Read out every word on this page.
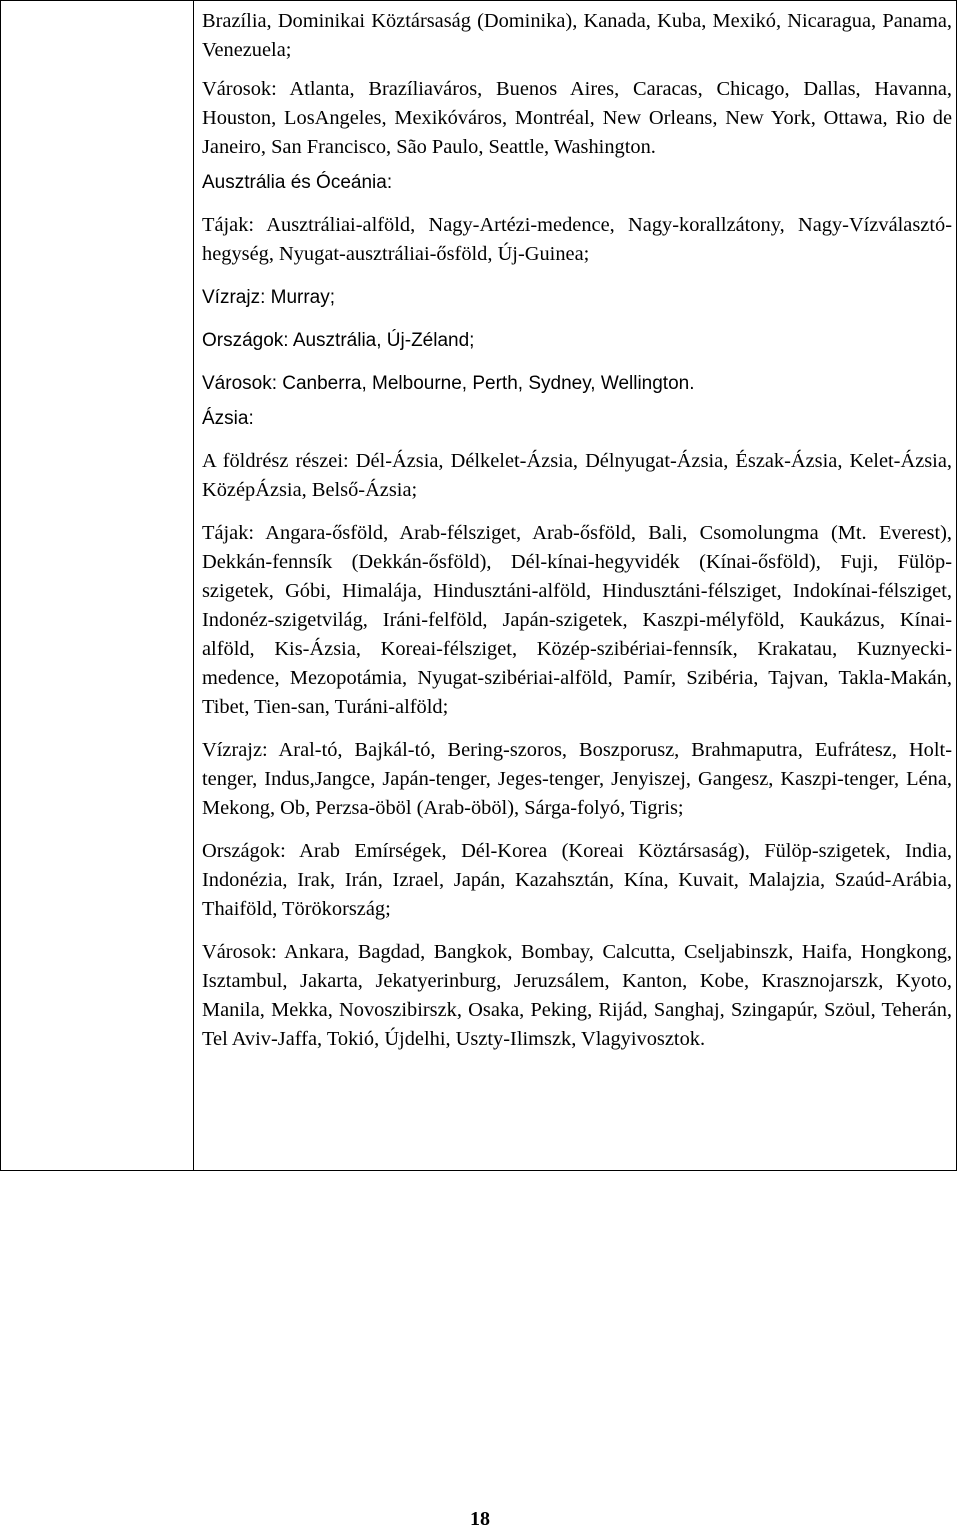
Brazília, Dominikai Köztársaság (Dominika), Kanada, Kuba, Mexikó, Nicaragua, Panama, Venezuela;

Városok: Atlanta, Brazíliaváros, Buenos Aires, Caracas, Chicago, Dallas, Havanna, Houston, LosAngeles, Mexikóváros, Montréal, New Orleans, New York, Ottawa, Rio de Janeiro, San Francisco, São Paulo, Seattle, Washington.

Ausztrália és Óceánia:

Tájak: Ausztráliai-alföld, Nagy-Artézi-medence, Nagy-korallzátony, Nagy-Vízválasztó-hegység, Nyugat-ausztráliai-ősföld, Új-Guinea;

Vízrajz: Murray;

Országok: Ausztrália, Új-Zéland;

Városok: Canberra, Melbourne, Perth, Sydney, Wellington.

Ázsia:

A földrész részei: Dél-Ázsia, Délkelet-Ázsia, Délnyugat-Ázsia, Észak-Ázsia, Kelet-Ázsia, KözépÁzsia, Belső-Ázsia;

Tájak: Angara-ősföld, Arab-félsziget, Arab-ősföld, Bali, Csomolungma (Mt. Everest), Dekkán-fennsík (Dekkán-ősföld), Dél-kínai-hegyvidék (Kínai-ősföld), Fuji, Fülöp-szigetek, Góbi, Himalája, Hindusztáni-alföld, Hindusztáni-félsziget, Indokínai-félsziget, Indonéz-szigetvilág, Iráni-felföld, Japán-szigetek, Kaszpi-mélyföld, Kaukázus, Kínai-alföld, Kis-Ázsia, Koreai-félsziget, Közép-szibériai-fennsík, Krakatau, Kuznyecki-medence, Mezopotámia, Nyugat-szibériai-alföld, Pamír, Szibéria, Tajvan, Takla-Makán, Tibet, Tien-san, Turáni-alföld;

Vízrajz: Aral-tó, Bajkál-tó, Bering-szoros, Boszporusz, Brahmaputra, Eufrátesz, Holt-tenger, Indus,Jangce, Japán-tenger, Jeges-tenger, Jenyiszej, Gangesz, Kaszpi-tenger, Léna, Mekong, Ob, Perzsa-öböl (Arab-öböl), Sárga-folyó, Tigris;

Országok: Arab Emírségek, Dél-Korea (Koreai Köztársaság), Fülöp-szigetek, India, Indonézia, Irak, Irán, Izrael, Japán, Kazahsztán, Kína, Kuvait, Malajzia, Szaúd-Arábia, Thaiföld, Törökország;

Városok: Ankara, Bagdad, Bangkok, Bombay, Calcutta, Cseljabinszk, Haifa, Hongkong, Isztambul, Jakarta, Jekatyerinburg, Jeruzsálem, Kanton, Kobe, Krasznojarszk, Kyoto, Manila, Mekka, Novoszibirszk, Osaka, Peking, Rijád, Sanghaj, Szingapúr, Szöul, Teherán, Tel Aviv-Jaffa, Tokió, Újdelhi, Uszty-Ilimszk, Vlagyivosztok.

18
